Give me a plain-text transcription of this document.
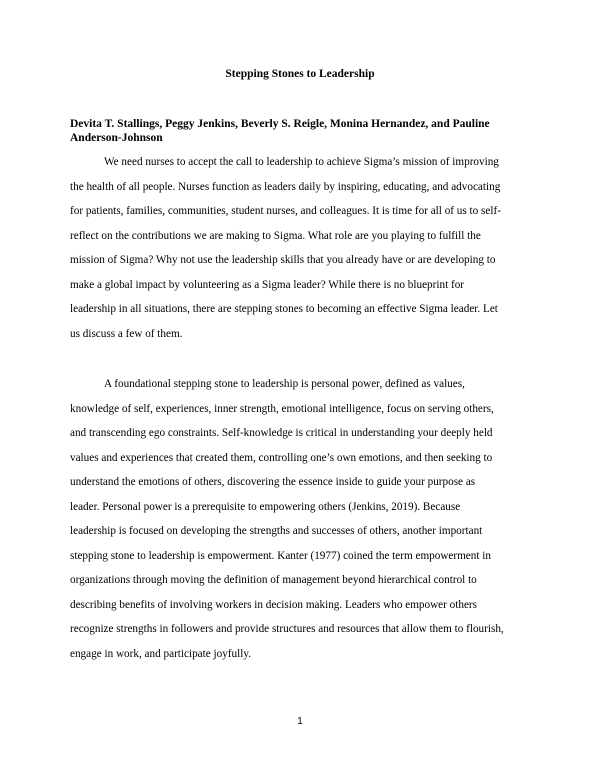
Stepping Stones to Leadership
Devita T. Stallings, Peggy Jenkins, Beverly S. Reigle, Monina Hernandez, and Pauline Anderson-Johnson
We need nurses to accept the call to leadership to achieve Sigma’s mission of improving
the health of all people. Nurses function as leaders daily by inspiring, educating, and advocating
for patients, families, communities, student nurses, and colleagues. It is time for all of us to self-
reflect on the contributions we are making to Sigma. What role are you playing to fulfill the
mission of Sigma? Why not use the leadership skills that you already have or are developing to
make a global impact by volunteering as a Sigma leader? While there is no blueprint for
leadership in all situations, there are stepping stones to becoming an effective Sigma leader. Let
us discuss a few of them.
A foundational stepping stone to leadership is personal power, defined as values,
knowledge of self, experiences, inner strength, emotional intelligence, focus on serving others,
and transcending ego constraints. Self-knowledge is critical in understanding your deeply held
values and experiences that created them, controlling one’s own emotions, and then seeking to
understand the emotions of others, discovering the essence inside to guide your purpose as
leader. Personal power is a prerequisite to empowering others (Jenkins, 2019). Because
leadership is focused on developing the strengths and successes of others, another important
stepping stone to leadership is empowerment. Kanter (1977) coined the term empowerment in
organizations through moving the definition of management beyond hierarchical control to
describing benefits of involving workers in decision making. Leaders who empower others
recognize strengths in followers and provide structures and resources that allow them to flourish,
engage in work, and participate joyfully.
1
